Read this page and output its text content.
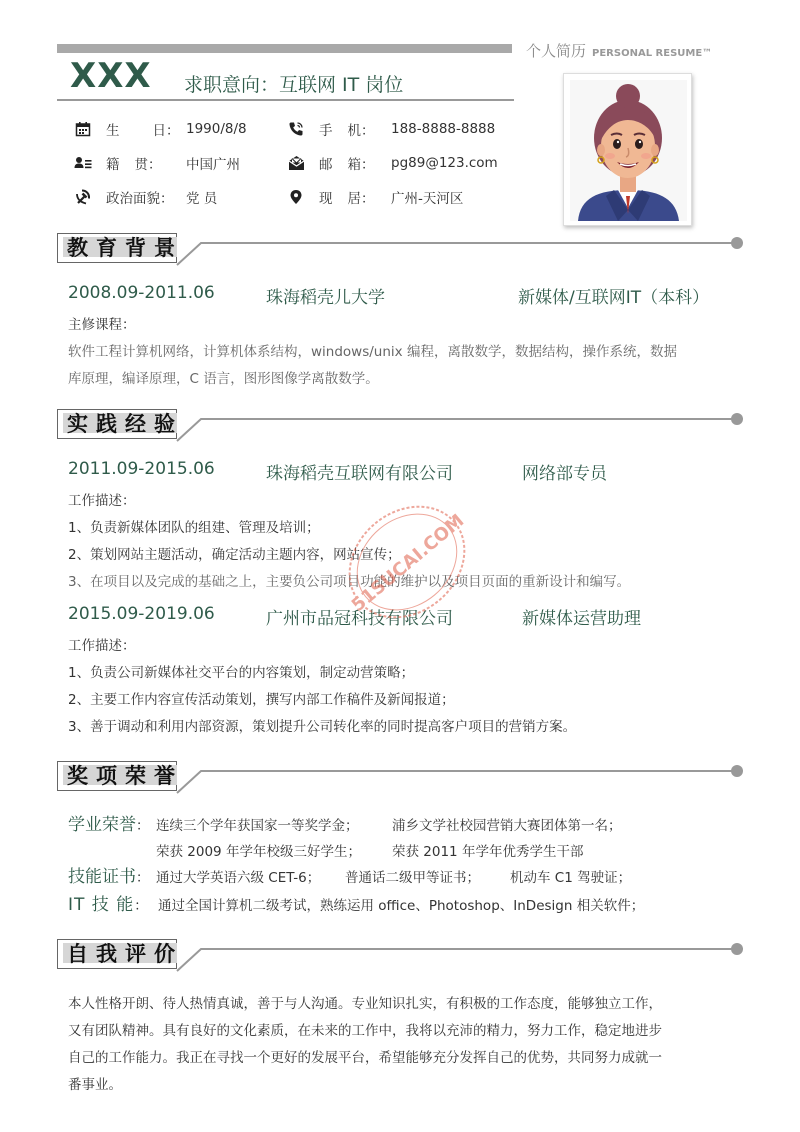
个人简历 PERSONAL RESUME™
XXX 求职意向：互联网 IT 岗位
生 日 ： 1990/8/8	手 机 ： 188-8888-8888
籍 贯 ： 中国广州	邮 箱 ： pg89@123.com
政治面貌 ： 党 员	现 居 ： 广州-天河区
教育背景
2008.09-2011.06	珠海稻壳儿大学	新媒体/互联网IT（本科）
主修课程：
软件工程计算机网络，计算机体系结构，windows/unix 编程，离散数学，数据结构，操作系统，数据
库原理，编译原理，C 语言，图形图像学离散数学。
实践经验
2011.09-2015.06	珠海稻壳互联网有限公司	网络部专员
工作描述：
1、负责新媒体团队的组建、管理及培训；
2、策划网站主题活动，确定活动主题内容，网站宣传；
3、在项目以及完成的基础之上，主要负公司项目功能的维护以及项目页面的重新设计和编写。
2015.09-2019.06	广州市品冠科技有限公司	新媒体运营助理
工作描述：
1、负责公司新媒体社交平台的内容策划，制定动营策略；
2、主要工作内容宣传活动策划，撰写内部工作稿件及新闻报道；
3、善于调动和利用内部资源，策划提升公司转化率的同时提高客户项目的营销方案。
51SUCAI.COM
奖项荣誉
学业荣誉： 连续三个学年获国家一等奖学金； 浦乡文学社校园营销大赛团体第一名；
荣获 2009 年学年校级三好学生； 荣获 2011 年学年优秀学生干部
技能证书： 通过大学英语六级 CET-6； 普通话二级甲等证书； 机动车 C1 驾驶证；
IT 技 能： 通过全国计算机二级考试，熟练运用 office、Photoshop、InDesign 相关软件；
自我评价
本人性格开朗、待人热情真诚，善于与人沟通。专业知识扎实，有积极的工作态度，能够独立工作，
又有团队精神。具有良好的文化素质，在未来的工作中，我将以充沛的精力，努力工作，稳定地进步
自己的工作能力。我正在寻找一个更好的发展平台，希望能够充分发挥自己的优势，共同努力成就一
番事业。
